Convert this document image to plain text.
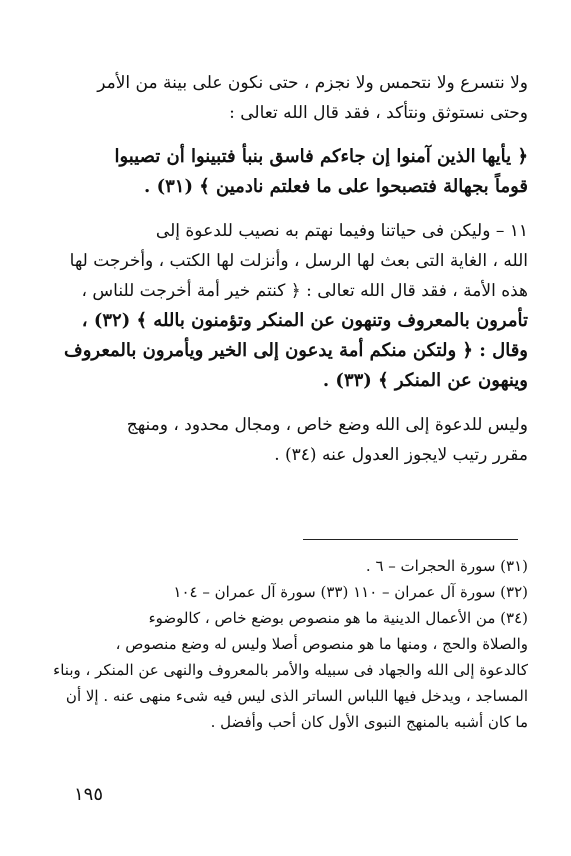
ولا نتسرع ولا نتحمس ولا نجزم ، حتى نكون على بينة من الأمر
وحتى نستوثق ونتأكد ، فقد قال الله تعالى :
﴿ يأيها الذين آمنوا إن جاءكم فاسق بنبأ فتبينوا أن تصيبوا
قوماً بجهالة فتصبحوا على ما فعلتم نادمين ﴾ (٣١) .
١١ – وليكن فى حياتنا وفيما نهتم به نصيب للدعوة إلى
الله ، الغاية التى بعث لها الرسل ، وأنزلت لها الكتب ، وأخرجت لها
هذه الأمة ، فقد قال الله تعالى : ﴿ كنتم خير أمة أخرجت للناس ،
تأمرون بالمعروف وتنهون عن المنكر وتؤمنون بالله ﴾ (٣٢) ،
وقال : ﴿ ولتكن منكم أمة يدعون إلى الخير ويأمرون بالمعروف
وينهون عن المنكر ﴾ (٣٣) .
وليس للدعوة إلى الله وضع خاص ، ومجال محدود ، ومنهج
مقرر رتيب لايجوز العدول عنه (٣٤) .
(٣١) سورة الحجرات – ٦ .
(٣٢) سورة آل عمران – ١١٠ (٣٣) سورة آل عمران – ١٠٤
(٣٤) من الأعمال الدينية ما هو منصوص بوضع خاص ، كالوضوء
والصلاة والحج ، ومنها ما هو منصوص أصلا وليس له وضع منصوص ،
كالدعوة إلى الله والجهاد فى سبيله والأمر بالمعروف والنهى عن المنكر ، وبناء
المساجد ، ويدخل فيها اللباس الساتر الذى ليس فيه شىء منهى عنه . إلا أن
ما كان أشبه بالمنهج النبوى الأول كان أحب وأفضل .
١٩٥
